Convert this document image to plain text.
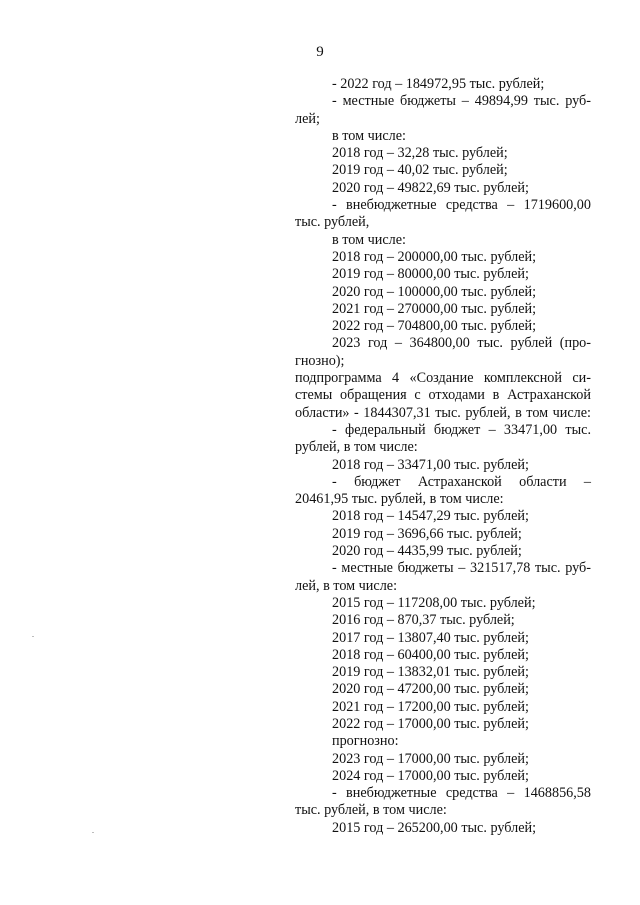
9
- 2022 год – 184972,95 тыс. рублей;
- местные бюджеты – 49894,99 тыс. руб-
лей;
в том числе:
2018 год – 32,28 тыс. рублей;
2019 год – 40,02 тыс. рублей;
2020 год – 49822,69 тыс. рублей;
- внебюджетные средства – 1719600,00
тыс. рублей,
в том числе:
2018 год – 200000,00 тыс. рублей;
2019 год – 80000,00 тыс. рублей;
2020 год – 100000,00 тыс. рублей;
2021 год – 270000,00 тыс. рублей;
2022 год – 704800,00 тыс. рублей;
2023 год – 364800,00 тыс. рублей (про-
гнозно);
подпрограмма 4 «Создание комплексной си-
стемы обращения с отходами в Астраханской
области» - 1844307,31 тыс. рублей, в том числе:
- федеральный бюджет – 33471,00 тыс.
рублей, в том числе:
2018 год – 33471,00 тыс. рублей;
- бюджет Астраханской области –
20461,95 тыс. рублей, в том числе:
2018 год – 14547,29 тыс. рублей;
2019 год – 3696,66 тыс. рублей;
2020 год – 4435,99 тыс. рублей;
- местные бюджеты – 321517,78 тыс. руб-
лей, в том числе:
2015 год – 117208,00 тыс. рублей;
2016 год – 870,37 тыс. рублей;
2017 год – 13807,40 тыс. рублей;
2018 год – 60400,00 тыс. рублей;
2019 год – 13832,01 тыс. рублей;
2020 год – 47200,00 тыс. рублей;
2021 год – 17200,00 тыс. рублей;
2022 год – 17000,00 тыс. рублей;
прогнозно:
2023 год – 17000,00 тыс. рублей;
2024 год – 17000,00 тыс. рублей;
- внебюджетные средства – 1468856,58
тыс. рублей, в том числе:
2015 год – 265200,00 тыс. рублей;
